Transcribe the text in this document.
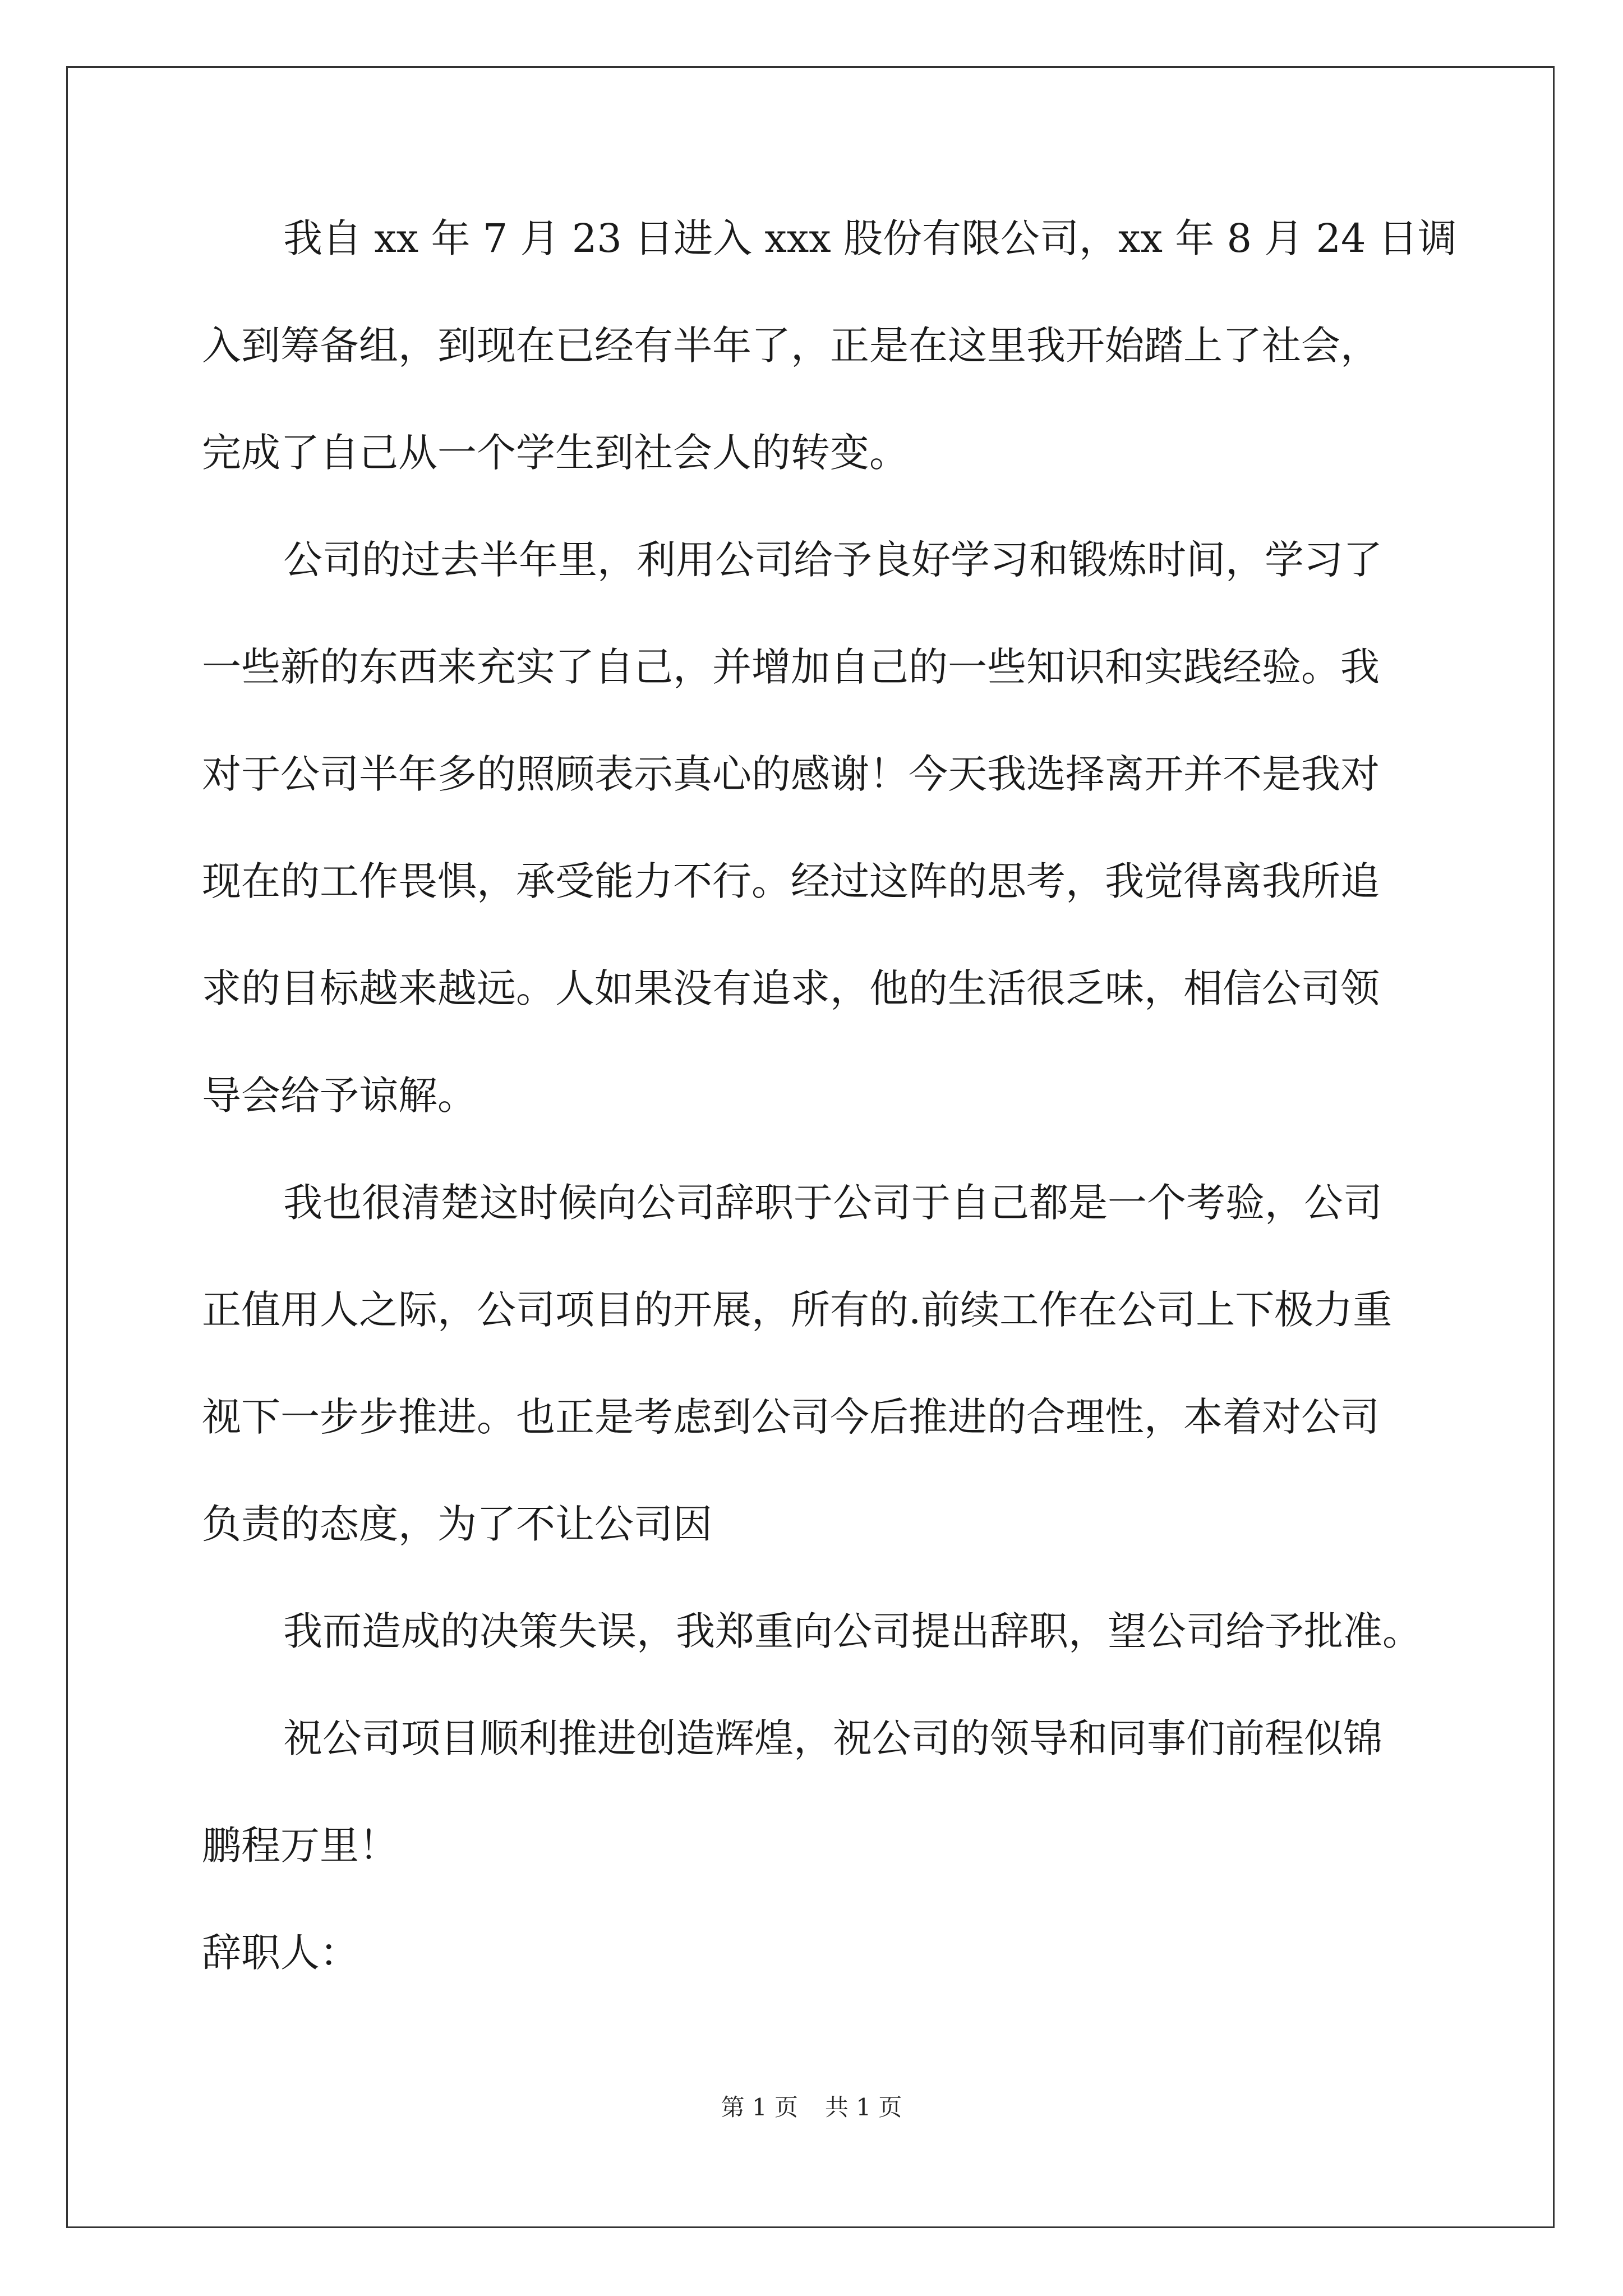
我自 xx 年 7 月 23 日进入 xxx 股份有限公司，xx 年 8 月 24 日调
入到筹备组，到现在已经有半年了，正是在这里我开始踏上了社会，
完成了自己从一个学生到社会人的转变。
公司的过去半年里，利用公司给予良好学习和锻炼时间，学习了
一些新的东西来充实了自己，并增加自己的一些知识和实践经验。我
对于公司半年多的照顾表示真心的感谢！今天我选择离开并不是我对
现在的工作畏惧，承受能力不行。经过这阵的思考，我觉得离我所追
求的目标越来越远。人如果没有追求，他的生活很乏味，相信公司领
导会给予谅解。
我也很清楚这时候向公司辞职于公司于自己都是一个考验，公司
正值用人之际，公司项目的开展，所有的.前续工作在公司上下极力重
视下一步步推进。也正是考虑到公司今后推进的合理性，本着对公司
负责的态度，为了不让公司因
我而造成的决策失误，我郑重向公司提出辞职，望公司给予批准。
祝公司项目顺利推进创造辉煌，祝公司的领导和同事们前程似锦
鹏程万里！
辞职人：
第 1 页 共 1 页
